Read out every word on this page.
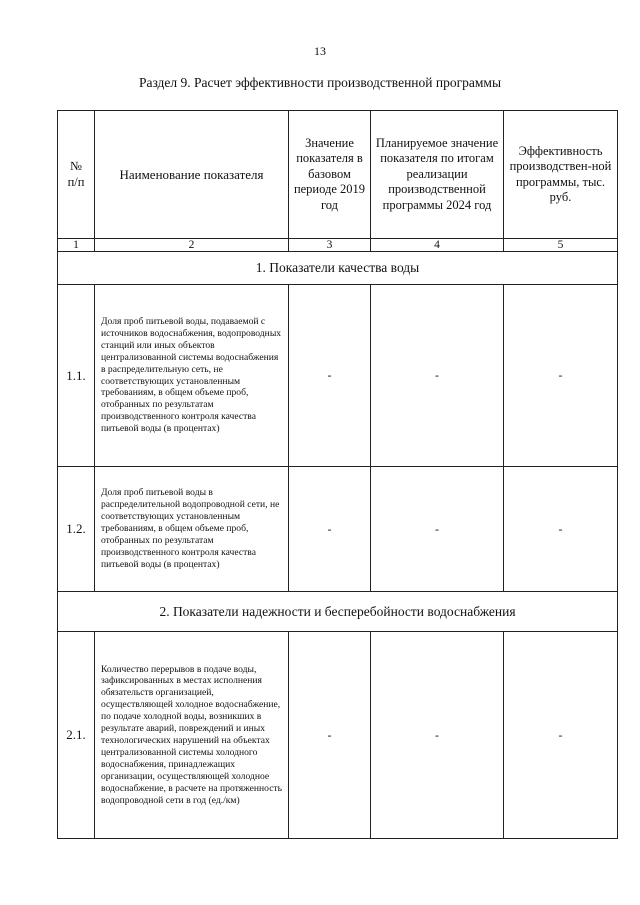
13
Раздел 9. Расчет эффективности производственной программы
№ п/п	Наименование показателя	Значение показателя в базовом периоде 2019 год	Планируемое значение показателя по итогам реализации производственной программы 2024 год	Эффективность производствен-ной программы, тыс. руб.
1	2	3	4	5
1. Показатели качества воды				
1.1.	Доля проб питьевой воды, подаваемой с источников водоснабжения, водопроводных станций или иных объектов централизованной системы водоснабжения в распределительную сеть, не соответствующих установленным требованиям, в общем объеме проб, отобранных по результатам производственного контроля качества питьевой воды (в процентах)	-	-	-
1.2.	Доля проб питьевой воды в распределительной водопроводной сети, не соответствующих установленным требованиям, в общем объеме проб, отобранных по результатам производственного контроля качества питьевой воды (в процентах)	-	-	-
2. Показатели надежности и бесперебойности водоснабжения				
2.1.	Количество перерывов в подаче воды, зафиксированных в местах исполнения обязательств организацией, осуществляющей холодное водоснабжение, по подаче холодной воды, возникших в результате аварий, повреждений и иных технологических нарушений на объектах централизованной системы холодного водоснабжения, принадлежащих организации, осуществляющей холодное водоснабжение, в расчете на протяженность водопроводной сети в год (ед./км)	-	-	-
